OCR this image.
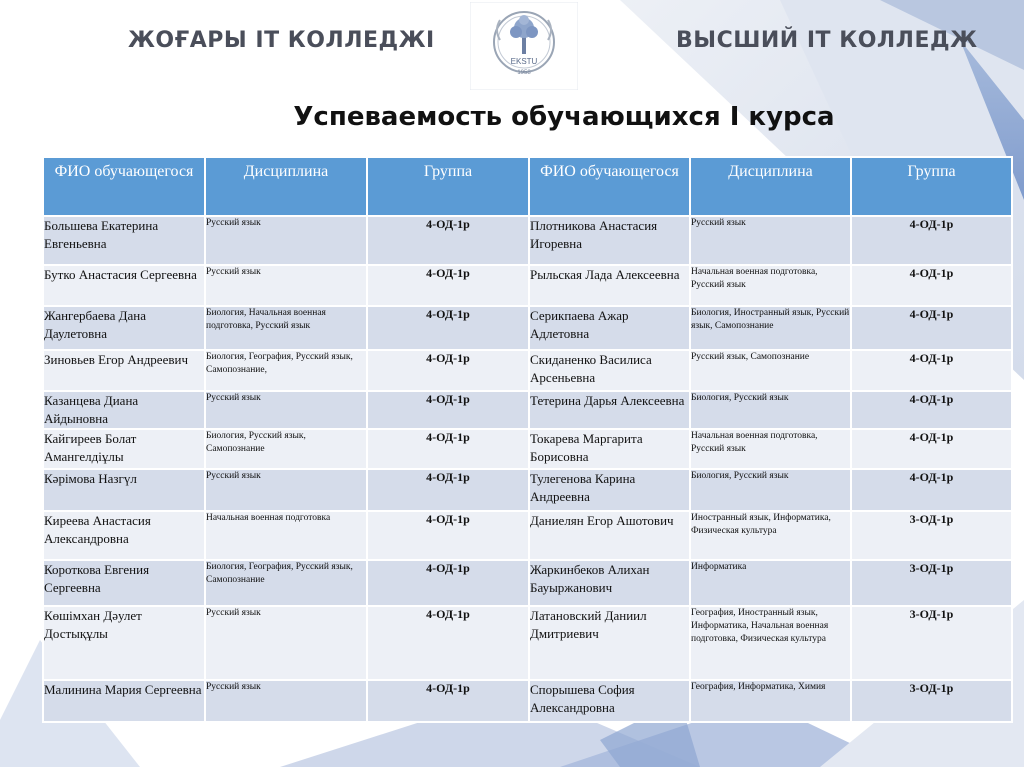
ЖОҒАРЫ IT КОЛЛЕДЖІ	ВЫСШИЙ IT КОЛЛЕДЖ
EKSTU
1958
Успеваемость обучающихся I курса
ФИО обучающегося	Дисциплина	Группа	ФИО обучающегося	Дисциплина	Группа
Большева Екатерина Евгеньевна	Русский язык	4-ОД-1р	Плотникова Анастасия Игоревна	Русский язык	4-ОД-1р
Бутко Анастасия Сергеевна	Русский язык	4-ОД-1р	Рыльская Лада Алексеевна	Начальная военная подготовка, Русский язык	4-ОД-1р
Жангербаева Дана Даулетовна	Биология, Начальная военная подготовка, Русский язык	4-ОД-1р	Серикпаева Ажар Адлетовна	Биология, Иностранный язык, Русский язык, Самопознание	4-ОД-1р
Зиновьев Егор Андреевич	Биология, География, Русский язык, Самопознание,	4-ОД-1р	Скиданенко Василиса Арсеньевна	Русский язык, Самопознание	4-ОД-1р
Казанцева Диана Айдыновна	Русский язык	4-ОД-1р	Тетерина Дарья Алексеевна	Биология, Русский язык	4-ОД-1р
Кайгиреев Болат Амангелдіұлы	Биология, Русский язык, Самопознание	4-ОД-1р	Токарева Маргарита Борисовна	Начальная военная подготовка, Русский язык	4-ОД-1р
Кәрімова Назгүл	Русский язык	4-ОД-1р	Тулегенова Карина Андреевна	Биология, Русский язык	4-ОД-1р
Киреева Анастасия Александровна	Начальная военная подготовка	4-ОД-1р	Даниелян Егор Ашотович	Иностранный язык, Информатика, Физическая культура	3-ОД-1р
Короткова Евгения Сергеевна	Биология, География, Русский язык, Самопознание	4-ОД-1р	Жаркинбеков Алихан Бауыржанович	Информатика	3-ОД-1р
Көшімхан Дәулет Достықұлы	Русский язык	4-ОД-1р	Латановский Даниил Дмитриевич	География, Иностранный язык, Информатика, Начальная военная подготовка, Физическая культура	3-ОД-1р
Малинина Мария Сергеевна	Русский язык	4-ОД-1р	Спорышева София Александровна	География, Информатика, Химия	3-ОД-1р
